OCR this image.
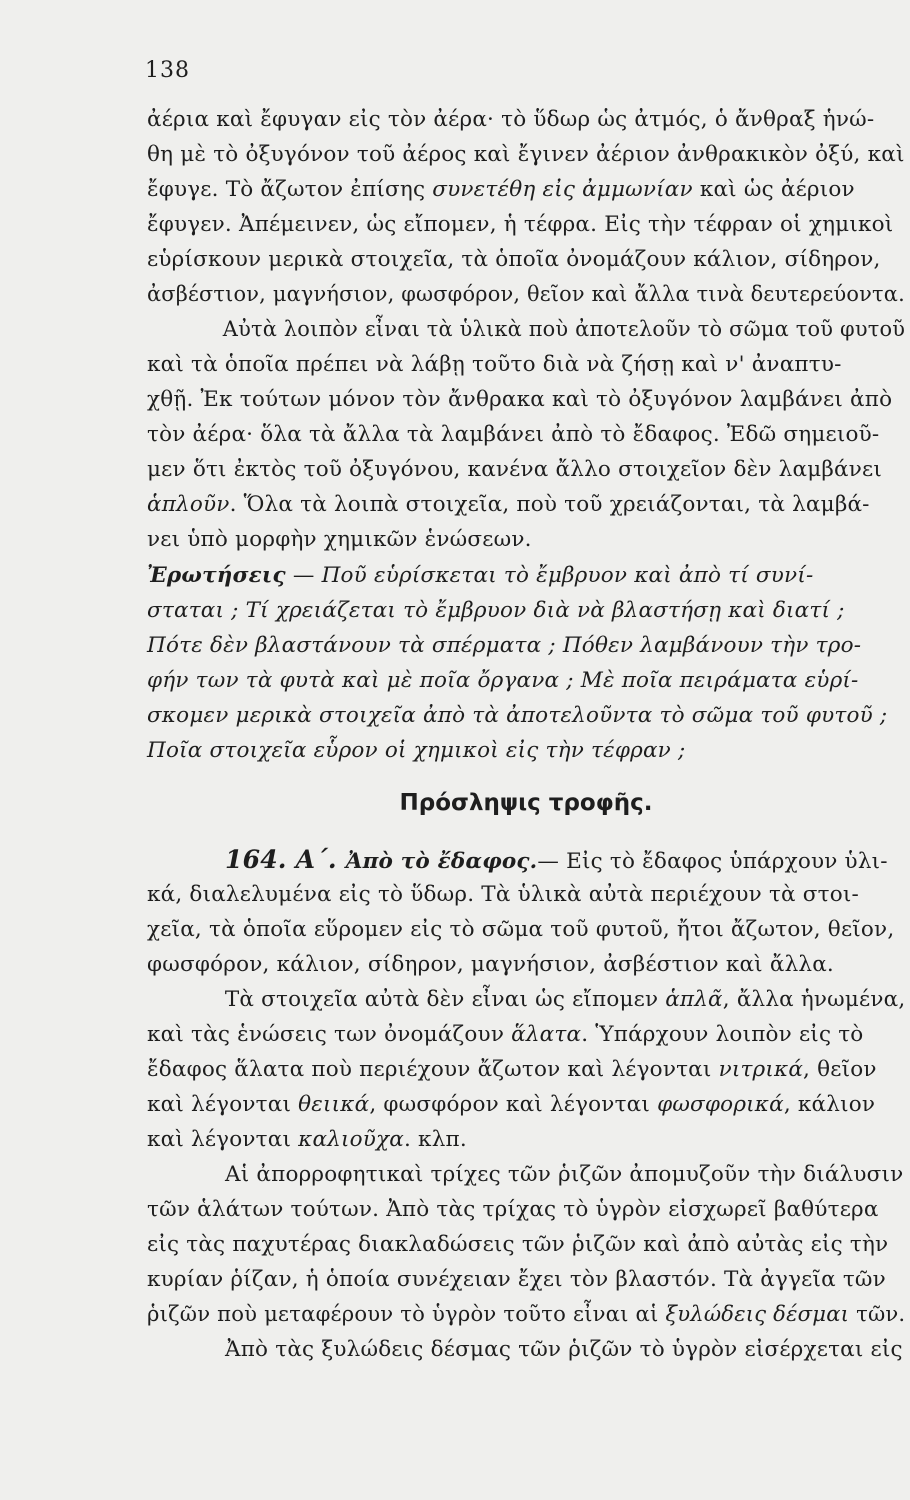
138
ἀέρια καὶ ἔφυγαν εἰς τὸν ἀέρα· τὸ ὕδωρ ὡς ἀτμός, ὁ ἄνθραξ ἡνώ-
θη μὲ τὸ ὀξυγόνον τοῦ ἀέρος καὶ ἔγινεν ἀέριον ἀνθρακικὸν ὀξύ, καὶ
ἔφυγε. Τὸ ἄζωτον ἐπίσης συνετέθη εἰς ἀμμωνίαν καὶ ὡς ἀέριον
ἔφυγεν. Ἀπέμεινεν, ὡς εἴπομεν, ἡ τέφρα. Εἰς τὴν τέφραν οἱ χημικοὶ
εὑρίσκουν μερικὰ στοιχεῖα, τὰ ὁποῖα ὀνομάζουν κάλιον, σίδηρον,
ἀσβέστιον, μαγνήσιον, φωσφόρον, θεῖον καὶ ἄλλα τινὰ δευτερεύοντα.
Αὐτὰ λοιπὸν εἶναι τὰ ὑλικὰ ποὺ ἀποτελοῦν τὸ σῶμα τοῦ φυτοῦ
καὶ τὰ ὁποῖα πρέπει νὰ λάβῃ τοῦτο διὰ νὰ ζήσῃ καὶ ν' ἀναπτυ-
χθῇ. Ἐκ τούτων μόνον τὸν ἄνθρακα καὶ τὸ ὀξυγόνον λαμβάνει ἀπὸ
τὸν ἀέρα· ὅλα τὰ ἄλλα τὰ λαμβάνει ἀπὸ τὸ ἔδαφος. Ἐδῶ σημειοῦ-
μεν ὅτι ἐκτὸς τοῦ ὀξυγόνου, κανένα ἄλλο στοιχεῖον δὲν λαμβάνει
ἁπλοῦν. Ὅλα τὰ λοιπὰ στοιχεῖα, ποὺ τοῦ χρειάζονται, τὰ λαμβά-
νει ὑπὸ μορφὴν χημικῶν ἑνώσεων.
Ἐρωτήσεις — Ποῦ εὑρίσκεται τὸ ἔμβρυον καὶ ἀπὸ τί συνί-
σταται ; Τί χρειάζεται τὸ ἔμβρυον διὰ νὰ βλαστήσῃ καὶ διατί ;
Πότε δὲν βλαστάνουν τὰ σπέρματα ; Πόθεν λαμβάνουν τὴν τρο-
φήν των τὰ φυτὰ καὶ μὲ ποῖα ὄργανα ; Μὲ ποῖα πειράματα εὑρί-
σκομεν μερικὰ στοιχεῖα ἀπὸ τὰ ἀποτελοῦντα τὸ σῶμα τοῦ φυτοῦ ;
Ποῖα στοιχεῖα εὗρον οἱ χημικοὶ εἰς τὴν τέφραν ;
Πρόσληψις τροφῆς.
164. Α΄. Ἀπὸ τὸ ἔδαφος.— Εἰς τὸ ἔδαφος ὑπάρχουν ὑλι-
κά, διαλελυμένα εἰς τὸ ὕδωρ. Τὰ ὑλικὰ αὐτὰ περιέχουν τὰ στοι-
χεῖα, τὰ ὁποῖα εὕρομεν εἰς τὸ σῶμα τοῦ φυτοῦ, ἤτοι ἄζωτον, θεῖον,
φωσφόρον, κάλιον, σίδηρον, μαγνήσιον, ἀσβέστιον καὶ ἄλλα.
Τὰ στοιχεῖα αὐτὰ δὲν εἶναι ὡς εἴπομεν ἁπλᾶ, ἄλλα ἡνωμένα,
καὶ τὰς ἑνώσεις των ὀνομάζουν ἅλατα. Ὑπάρχουν λοιπὸν εἰς τὸ
ἔδαφος ἅλατα ποὺ περιέχουν ἄζωτον καὶ λέγονται νιτρικά, θεῖον
καὶ λέγονται θειικά, φωσφόρον καὶ λέγονται φωσφορικά, κάλιον
καὶ λέγονται καλιοῦχα. κλπ.
Αἱ ἀπορροφητικαὶ τρίχες τῶν ῥιζῶν ἀπομυζοῦν τὴν διάλυσιν
τῶν ἁλάτων τούτων. Ἀπὸ τὰς τρίχας τὸ ὑγρὸν εἰσχωρεῖ βαθύτερα
εἰς τὰς παχυτέρας διακλαδώσεις τῶν ῥιζῶν καὶ ἀπὸ αὐτὰς εἰς τὴν
κυρίαν ῥίζαν, ἡ ὁποία συνέχειαν ἔχει τὸν βλαστόν. Τὰ ἀγγεῖα τῶν
ῥιζῶν ποὺ μεταφέρουν τὸ ὑγρὸν τοῦτο εἶναι αἱ ξυλώδεις δέσμαι τῶν.
Ἀπὸ τὰς ξυλώδεις δέσμας τῶν ῥιζῶν τὸ ὑγρὸν εἰσέρχεται εἰς
